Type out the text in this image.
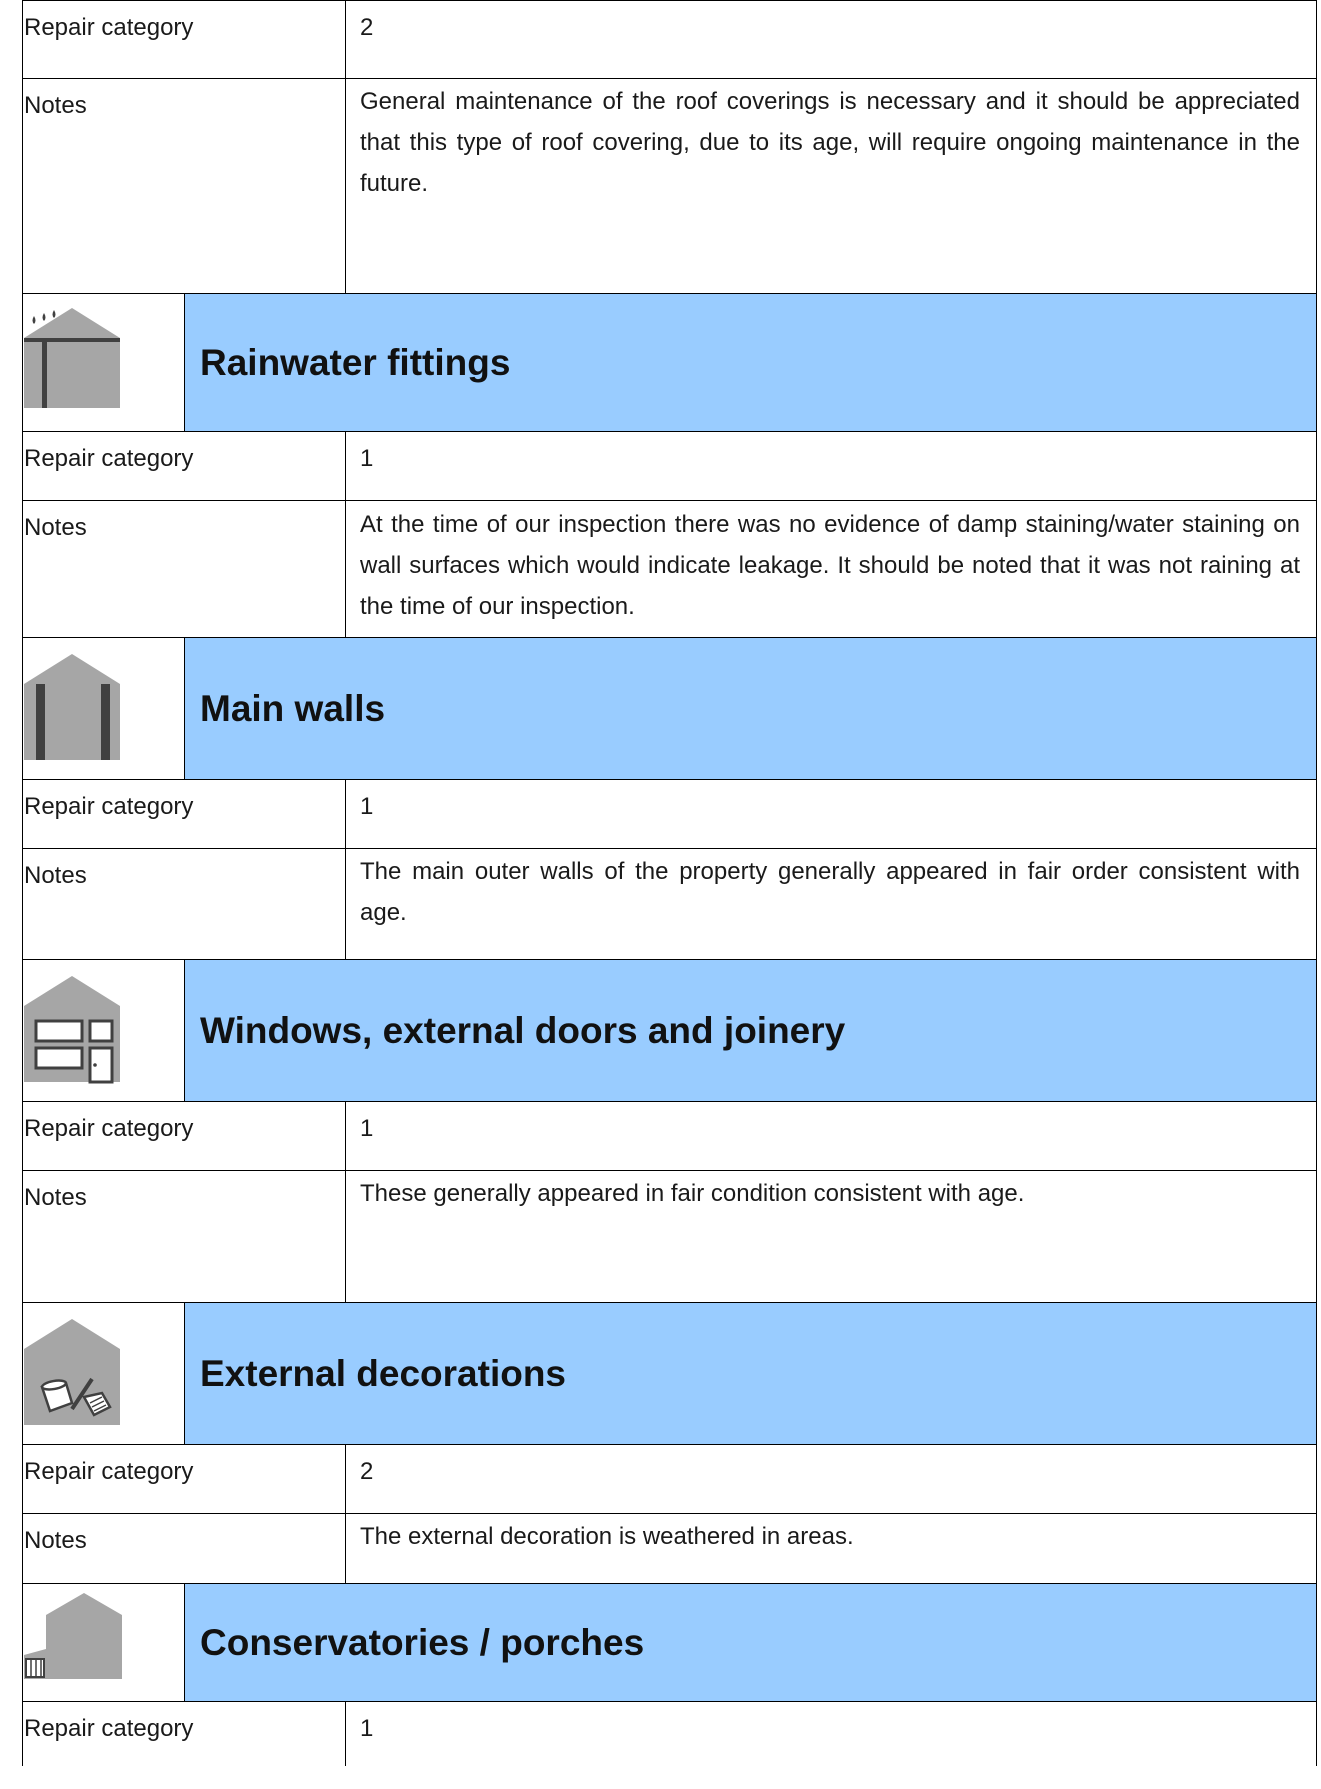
Repair category	2
Notes	General maintenance of the roof coverings is necessary and it should be appreciated that this type of roof covering, due to its age, will require ongoing maintenance in the future.
Rainwater fittings
Repair category	1
Notes	At the time of our inspection there was no evidence of damp staining/water staining on wall surfaces which would indicate leakage. It should be noted that it was not raining at the time of our inspection.
Main walls
Repair category	1
Notes	The main outer walls of the property generally appeared in fair order consistent with age.
Windows, external doors and joinery
Repair category	1
Notes	These generally appeared in fair condition consistent with age.
External decorations
Repair category	2
Notes	The external decoration is weathered in areas.
Conservatories / porches
Repair category	1
